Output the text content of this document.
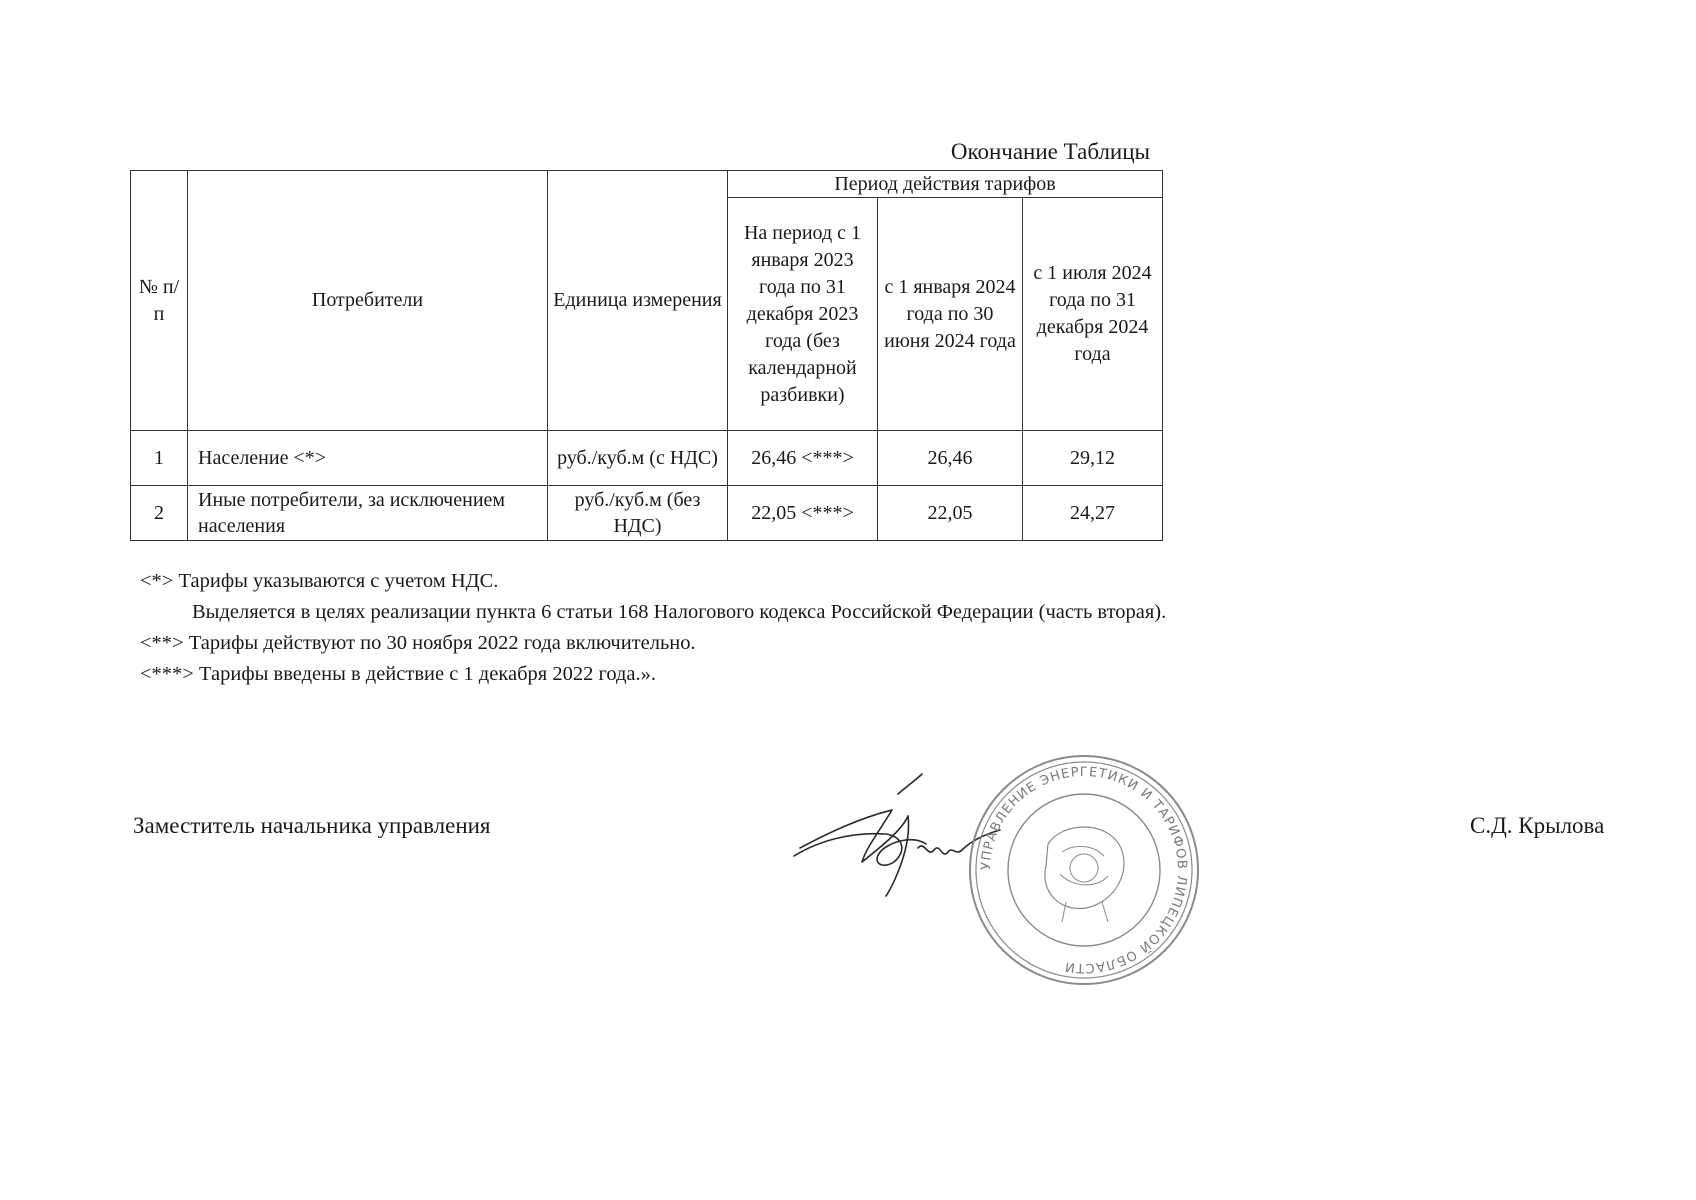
Окончание Таблицы
№ п/п	Потребители	Единица измерения	Период действия тарифов		
			На период с 1 января 2023 года по 31 декабря 2023 года (без календарной разбивки)	с 1 января 2024 года по 30 июня 2024 года	с 1 июля 2024 года по 31 декабря 2024 года
1	Население <*>	руб./куб.м (с НДС)	26,46 <***>	26,46	29,12
2	Иные потребители, за исключением населения	руб./куб.м (без НДС)	22,05 <***>	22,05	24,27
<*> Тарифы указываются с учетом НДС.
Выделяется в целях реализации пункта 6 статьи 168 Налогового кодекса Российской Федерации (часть вторая).
<**> Тарифы действуют по 30 ноября 2022 года включительно.
<***> Тарифы введены в действие с 1 декабря 2022 года.».
Заместитель начальника управления
УПРАВЛЕНИЕ ЭНЕРГЕТИКИ И ТАРИФОВ ЛИПЕЦКОЙ ОБЛАСТИ
С.Д. Крылова
